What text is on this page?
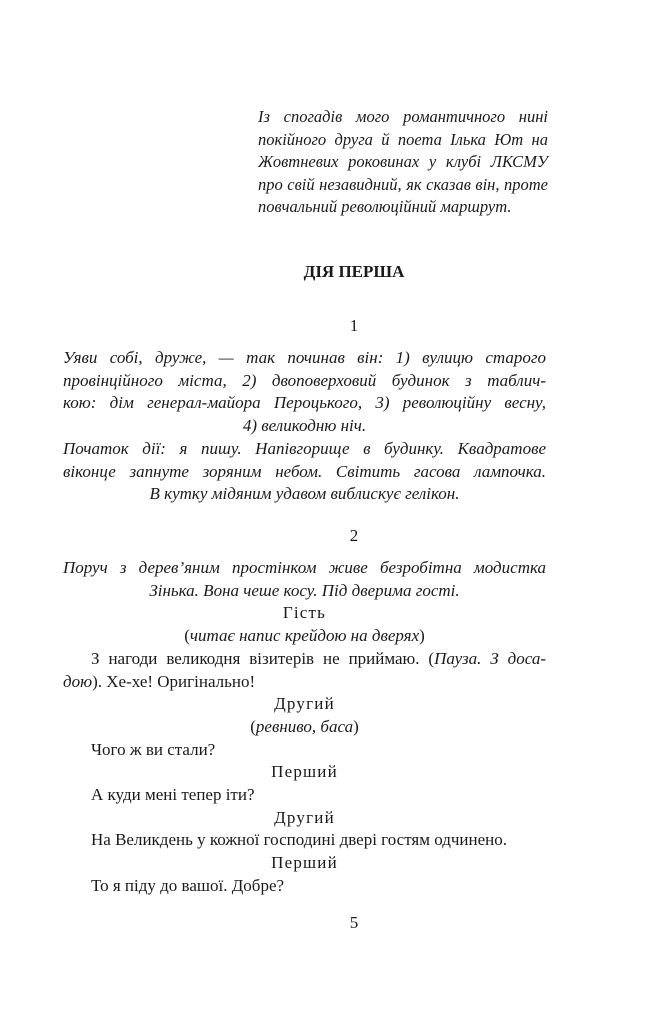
Із спогадів мого романтичного нині
покійного друга й поета Ілька Ют на
Жовтневих роковинах у клубі ЛКСМУ
про свій незавидний, як сказав він, проте
повчальний революційний маршрут.
ДІЯ ПЕРША
1
Уяви собі, друже, — так починав він: 1) вулицю старого
провінційного міста, 2) двоповерховий будинок з таблич-
кою: дім генерал-майора Пероцького, 3) революційну весну,
4) великодню ніч.
Початок дії: я пишу. Напівгорище в будинку. Квадратове
віконце запнуте зоряним небом. Світить гасова лампочка.
В кутку мідяним удавом виблискує гелікон.
2
Поруч з дерев’яним простінком живе безробітна модистка
Зінька. Вона чеше косу. Під дверима гості.
Гість
(читає напис крейдою на дверях)
З нагоди великодня візитерів не приймаю. (Пауза. З доса-
дою). Хе-хе! Оригінально!
Другий
(ревниво, баса)
Чого ж ви стали?
Перший
А куди мені тепер іти?
Другий
На Великдень у кожної господині двері гостям одчинено.
Перший
То я піду до вашої. Добре?
5
